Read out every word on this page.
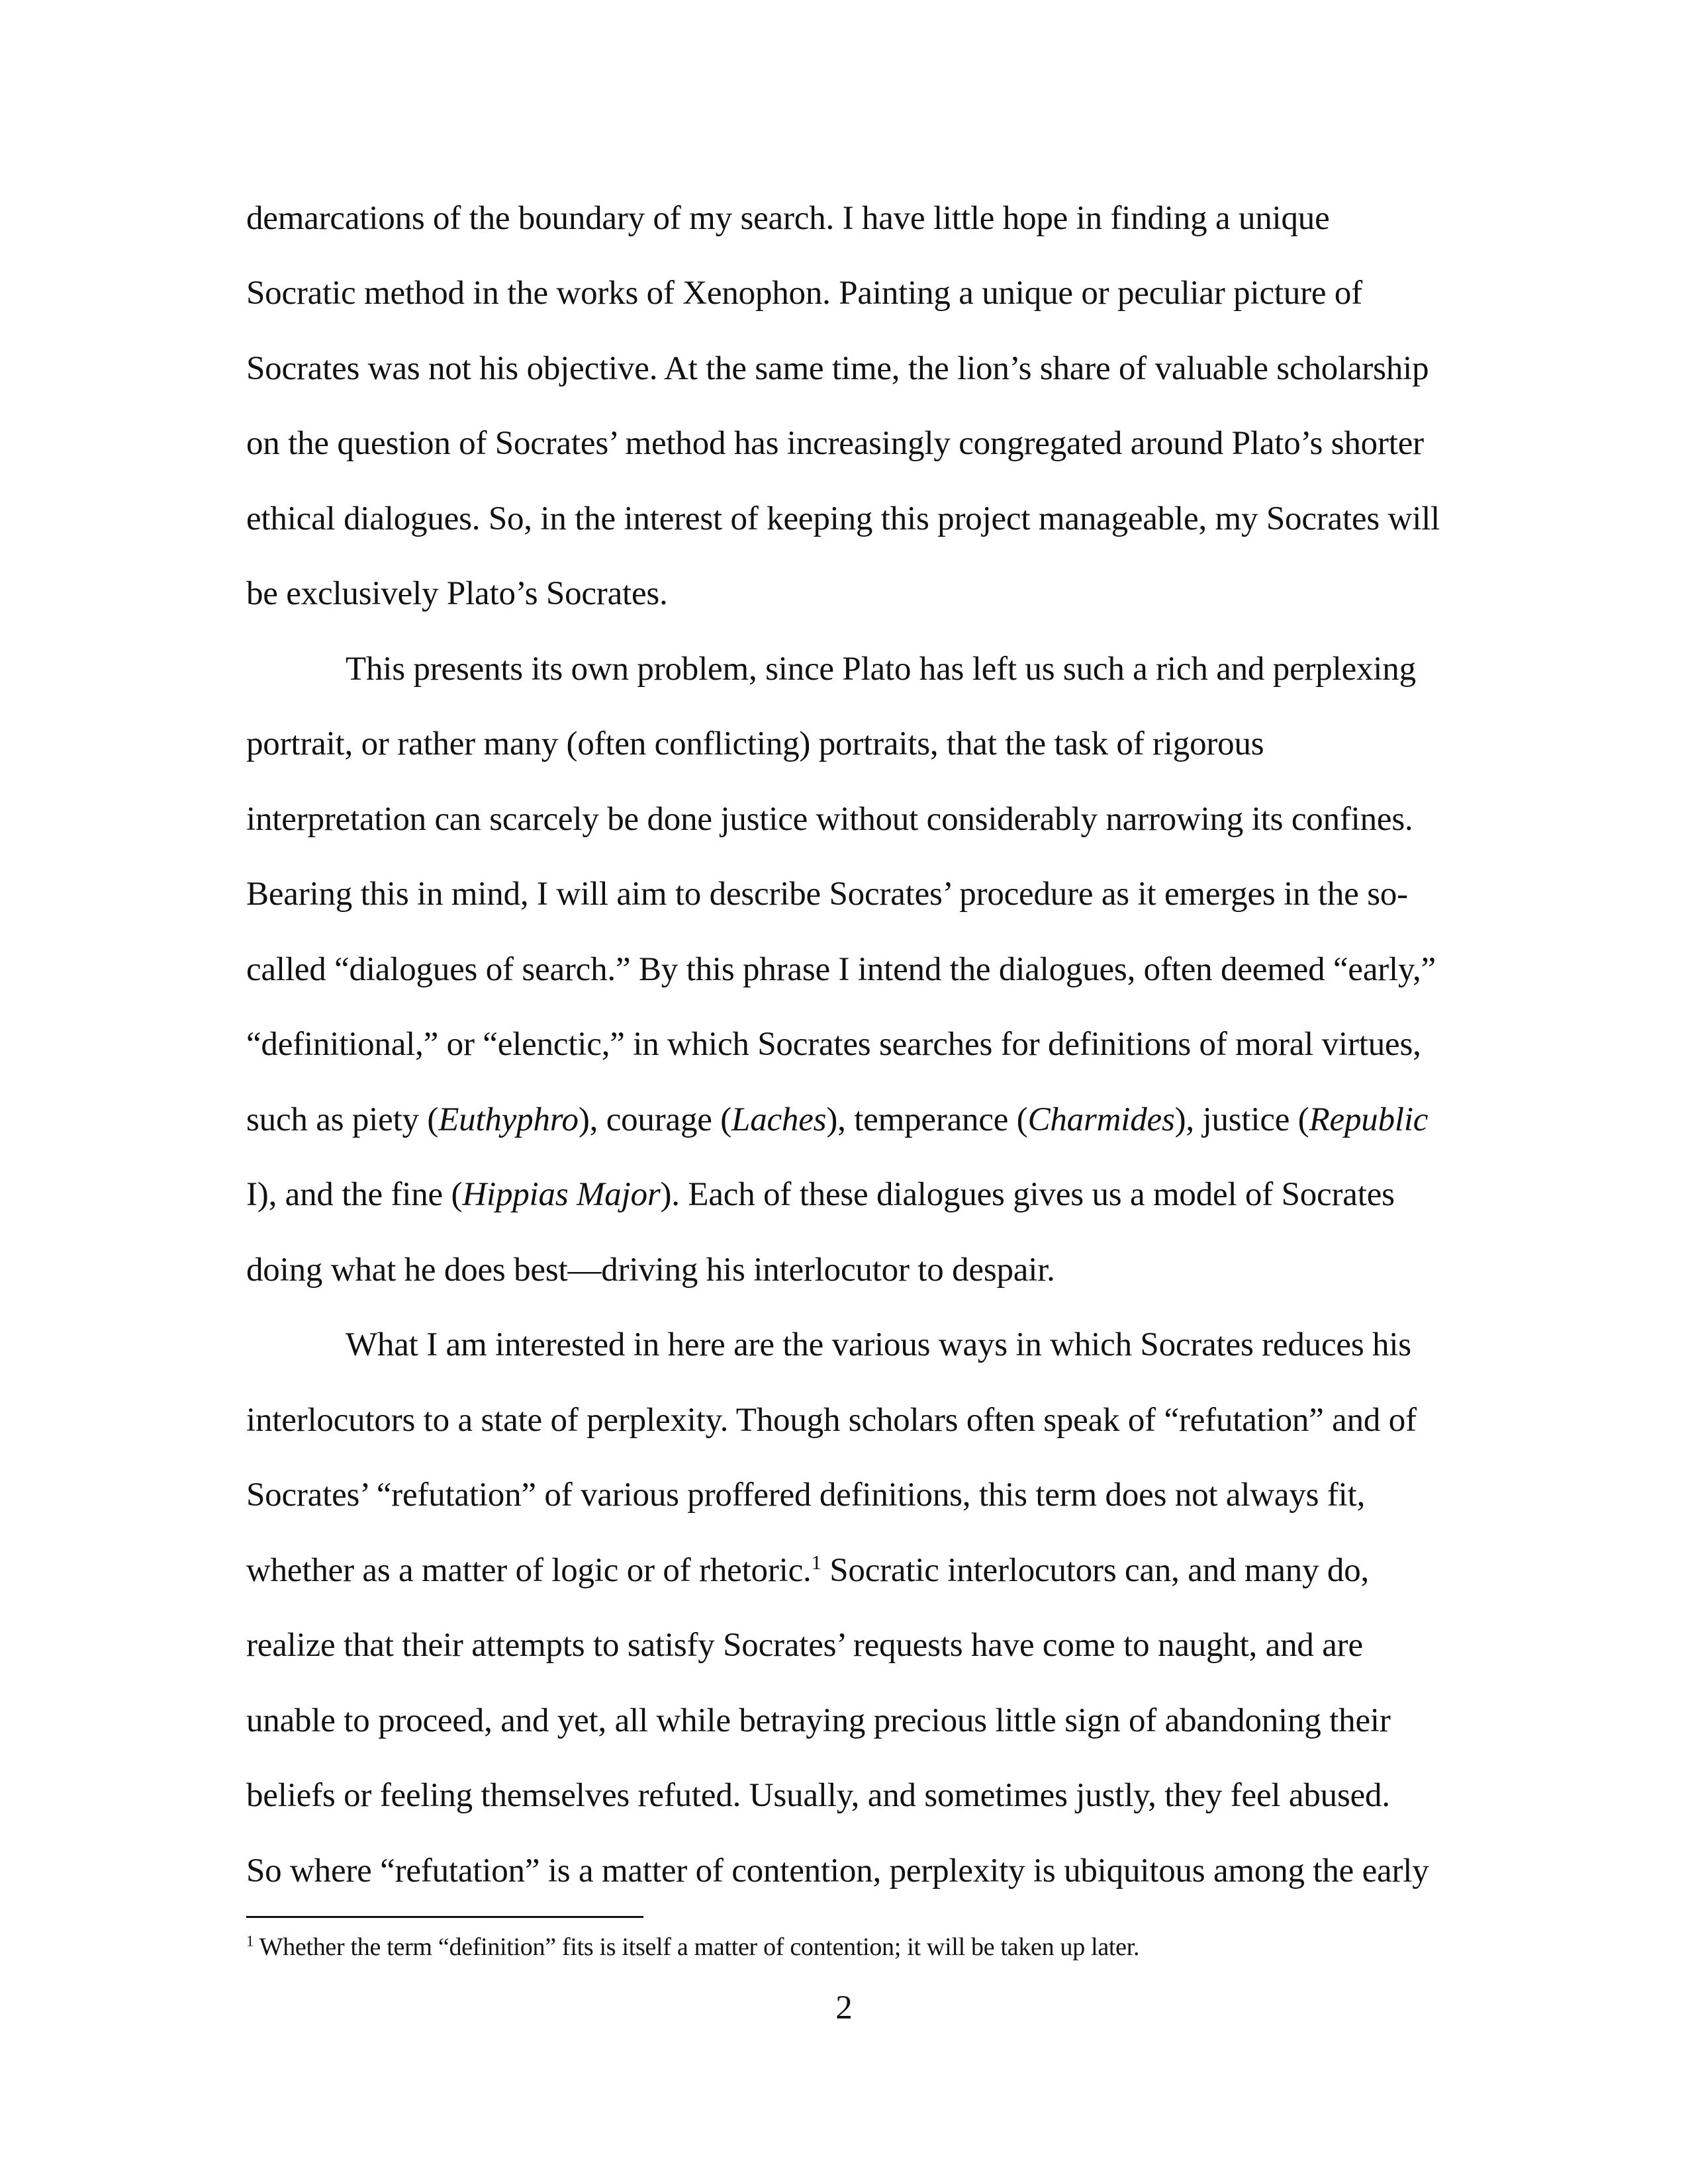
demarcations of the boundary of my search. I have little hope in finding a unique
Socratic method in the works of Xenophon. Painting a unique or peculiar picture of
Socrates was not his objective. At the same time, the lion’s share of valuable scholarship
on the question of Socrates’ method has increasingly congregated around Plato’s shorter
ethical dialogues. So, in the interest of keeping this project manageable, my Socrates will
be exclusively Plato’s Socrates.
This presents its own problem, since Plato has left us such a rich and perplexing
portrait, or rather many (often conflicting) portraits, that the task of rigorous
interpretation can scarcely be done justice without considerably narrowing its confines.
Bearing this in mind, I will aim to describe Socrates’ procedure as it emerges in the so-
called “dialogues of search.” By this phrase I intend the dialogues, often deemed “early,”
“definitional,” or “elenctic,” in which Socrates searches for definitions of moral virtues,
such as piety (Euthyphro), courage (Laches), temperance (Charmides), justice (Republic
I), and the fine (Hippias Major). Each of these dialogues gives us a model of Socrates
doing what he does best—driving his interlocutor to despair.
What I am interested in here are the various ways in which Socrates reduces his
interlocutors to a state of perplexity. Though scholars often speak of “refutation” and of
Socrates’ “refutation” of various proffered definitions, this term does not always fit,
whether as a matter of logic or of rhetoric.$^1$ Socratic interlocutors can, and many do,
realize that their attempts to satisfy Socrates’ requests have come to naught, and are
unable to proceed, and yet, all while betraying precious little sign of abandoning their
beliefs or feeling themselves refuted. Usually, and sometimes justly, they feel abused.
So where “refutation” is a matter of contention, perplexity is ubiquitous among the early
$^1$ Whether the term “definition” fits is itself a matter of contention; it will be taken up later.
2
